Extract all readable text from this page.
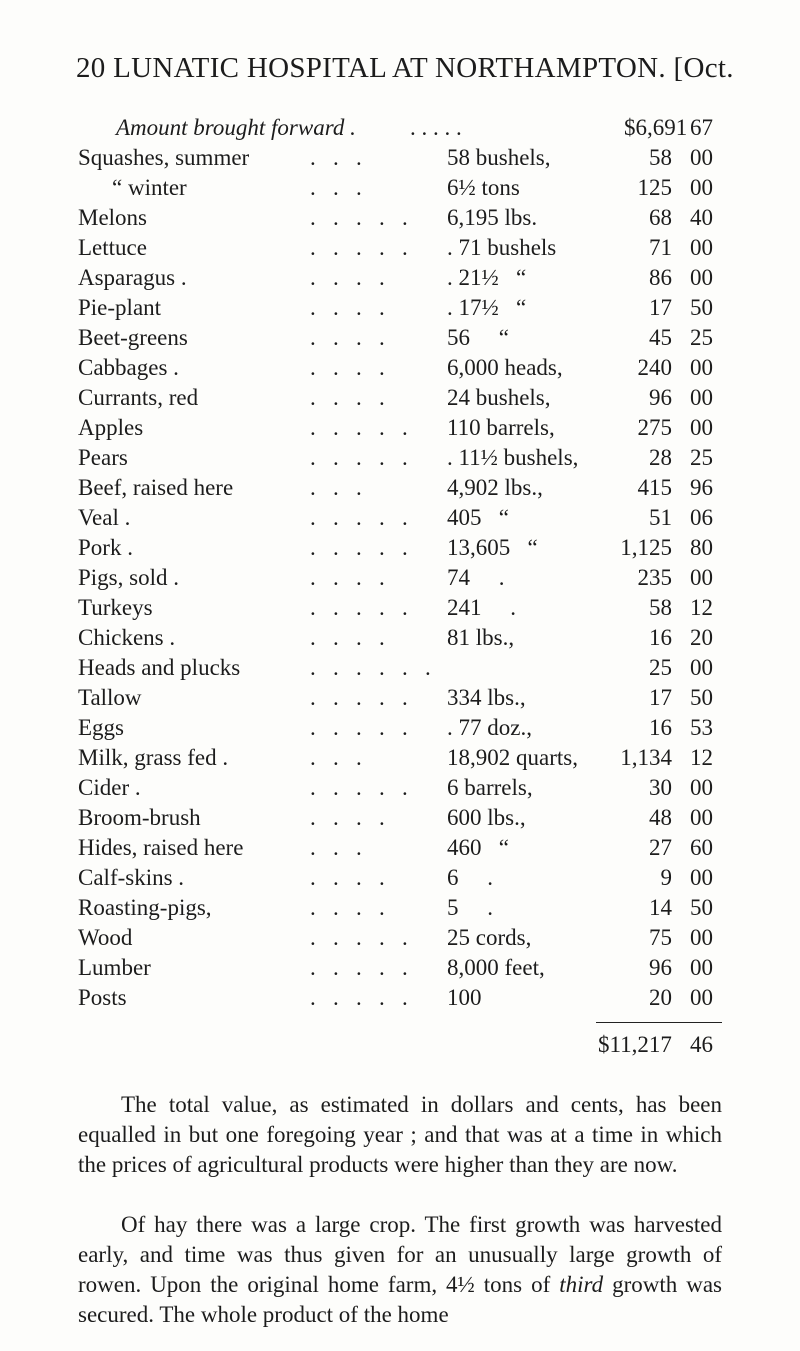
20 LUNATIC HOSPITAL AT NORTHAMPTON. [Oct.
Amount brought forward . . . . . .	$6,691 67
Squashes, summer	.   .   .	58 bushels,	58 00
“ winter	.   .   .	6½ tons	125 00
Melons	.   .   .   .   . 6,195 lbs.	68 40
Lettuce	.   .   .   .   . . 71 bushels	71 00
Asparagus .	.   .   .   .	. 21½   “	86 00
Pie-plant	.   .   .   .	. 17½   “	17 50
Beet-greens	.   .   .   .	56     “	45 25
Cabbages .	.   .   .   .	6,000 heads,	240 00
Currants, red	.   .   .   .	24 bushels,	96 00
Apples	.   .   .   .   . 110 barrels,	275 00
Pears	.   .   .   .   . . 11½ bushels,	28 25
Beef, raised here	.   .   .	4,902 lbs.,	415 96
Veal .	.   .   .   .   . 405   “	51 06
Pork .	.   .   .   .   . 13,605   “	1,125 80
Pigs, sold .	.   .   .   .	74     .	235 00
Turkeys	.   .   .   .   . 241     .	58 12
Chickens .	.   .   .   .	81 lbs.,	16 20
Heads and plucks	.   .   .   .   .   .	25 00
Tallow	.   .   .   .   . 334 lbs.,	17 50
Eggs	.   .   .   .   . . 77 doz.,	16 53
Milk, grass fed .	.   .   .	18,902 quarts, 1,134 12
Cider .	.   .   .   .   . 6 barrels,	30 00
Broom-brush	.   .   .   .	600 lbs.,	48 00
Hides, raised here	.   .   .	460   “	27 60
Calf-skins .	.   .   .   .	6     .	9 00
Roasting-pigs,	.   .   .   .	5     .	14 50
Wood	.   .   .   .   . 25 cords,	75 00
Lumber	.   .   .   .   . 8,000 feet,	96 00
Posts	.   .   .   .   . 100	20 00
$11,217 46
The total value, as estimated in dollars and cents, has been equalled in but one foregoing year ; and that was at a time in which the prices of agricultural products were higher than they are now.
Of hay there was a large crop. The first growth was harvested early, and time was thus given for an unusually large growth of rowen. Upon the original home farm, 4½ tons of third growth was secured. The whole product of the home
